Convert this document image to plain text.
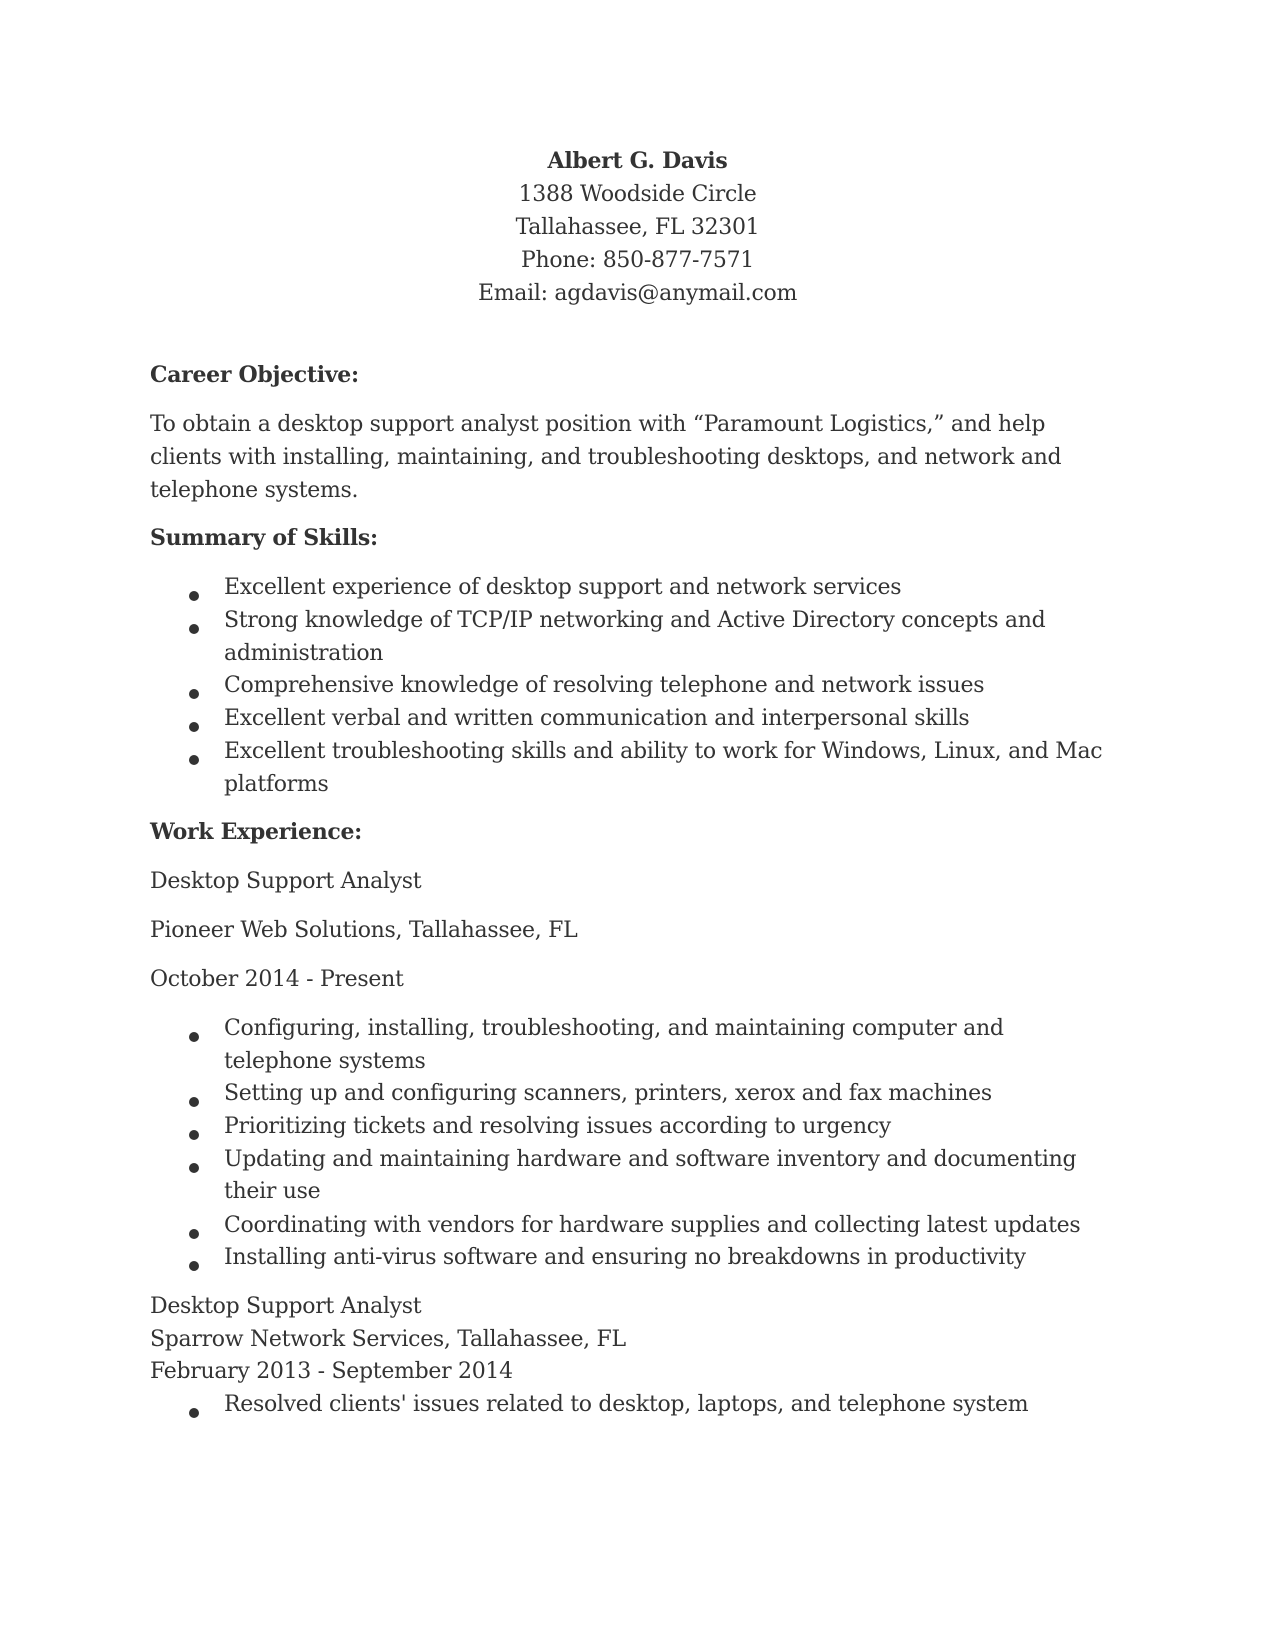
Albert G. Davis
1388 Woodside Circle
Tallahassee, FL 32301
Phone: 850-877-7571
Email: agdavis@anymail.com
Career Objective:
To obtain a desktop support analyst position with “Paramount Logistics,” and help
clients with installing, maintaining, and troubleshooting desktops, and network and
telephone systems.
Summary of Skills:
Excellent experience of desktop support and network services
Strong knowledge of TCP/IP networking and Active Directory concepts and
administration
Comprehensive knowledge of resolving telephone and network issues
Excellent verbal and written communication and interpersonal skills
Excellent troubleshooting skills and ability to work for Windows, Linux, and Mac
platforms
Work Experience:
Desktop Support Analyst
Pioneer Web Solutions, Tallahassee, FL
October 2014 - Present
Configuring, installing, troubleshooting, and maintaining computer and
telephone systems
Setting up and configuring scanners, printers, xerox and fax machines
Prioritizing tickets and resolving issues according to urgency
Updating and maintaining hardware and software inventory and documenting
their use
Coordinating with vendors for hardware supplies and collecting latest updates
Installing anti-virus software and ensuring no breakdowns in productivity
Desktop Support Analyst
Sparrow Network Services, Tallahassee, FL
February 2013 - September 2014
Resolved clients' issues related to desktop, laptops, and telephone system
